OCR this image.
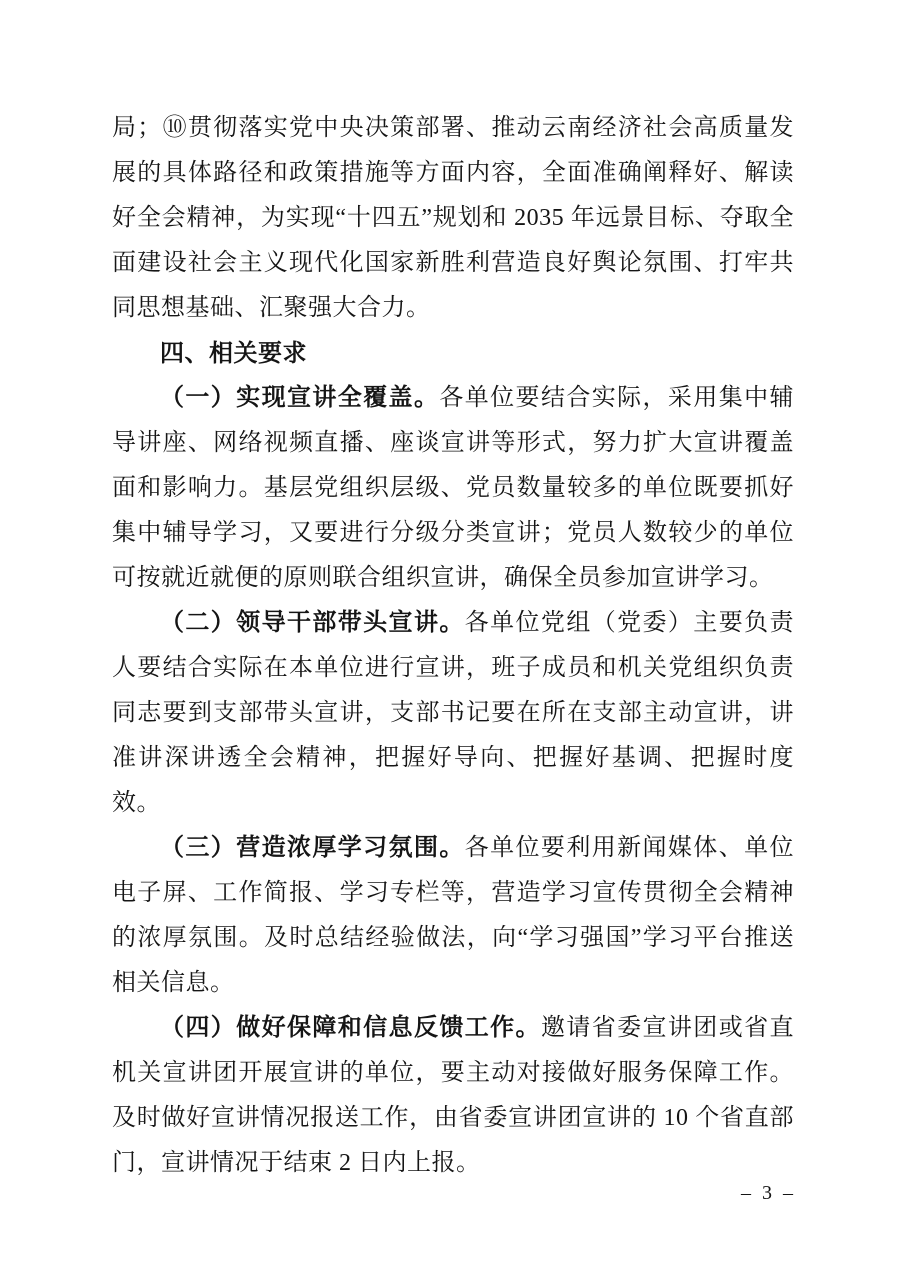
局；⑩贯彻落实党中央决策部署、推动云南经济社会高质量发展的具体路径和政策措施等方面内容，全面准确阐释好、解读好全会精神，为实现“十四五”规划和 2035 年远景目标、夺取全面建设社会主义现代化国家新胜利营造良好舆论氛围、打牢共同思想基础、汇聚强大合力。

四、相关要求

（一）实现宣讲全覆盖。各单位要结合实际，采用集中辅导讲座、网络视频直播、座谈宣讲等形式，努力扩大宣讲覆盖面和影响力。基层党组织层级、党员数量较多的单位既要抓好集中辅导学习，又要进行分级分类宣讲；党员人数较少的单位可按就近就便的原则联合组织宣讲，确保全员参加宣讲学习。

（二）领导干部带头宣讲。各单位党组（党委）主要负责人要结合实际在本单位进行宣讲，班子成员和机关党组织负责同志要到支部带头宣讲，支部书记要在所在支部主动宣讲，讲准讲深讲透全会精神，把握好导向、把握好基调、把握时度效。

（三）营造浓厚学习氛围。各单位要利用新闻媒体、单位电子屏、工作简报、学习专栏等，营造学习宣传贯彻全会精神的浓厚氛围。及时总结经验做法，向“学习强国”学习平台推送相关信息。

（四）做好保障和信息反馈工作。邀请省委宣讲团或省直机关宣讲团开展宣讲的单位，要主动对接做好服务保障工作。及时做好宣讲情况报送工作，由省委宣讲团宣讲的 10 个省直部门，宣讲情况于结束 2 日内上报。

– 3 –
